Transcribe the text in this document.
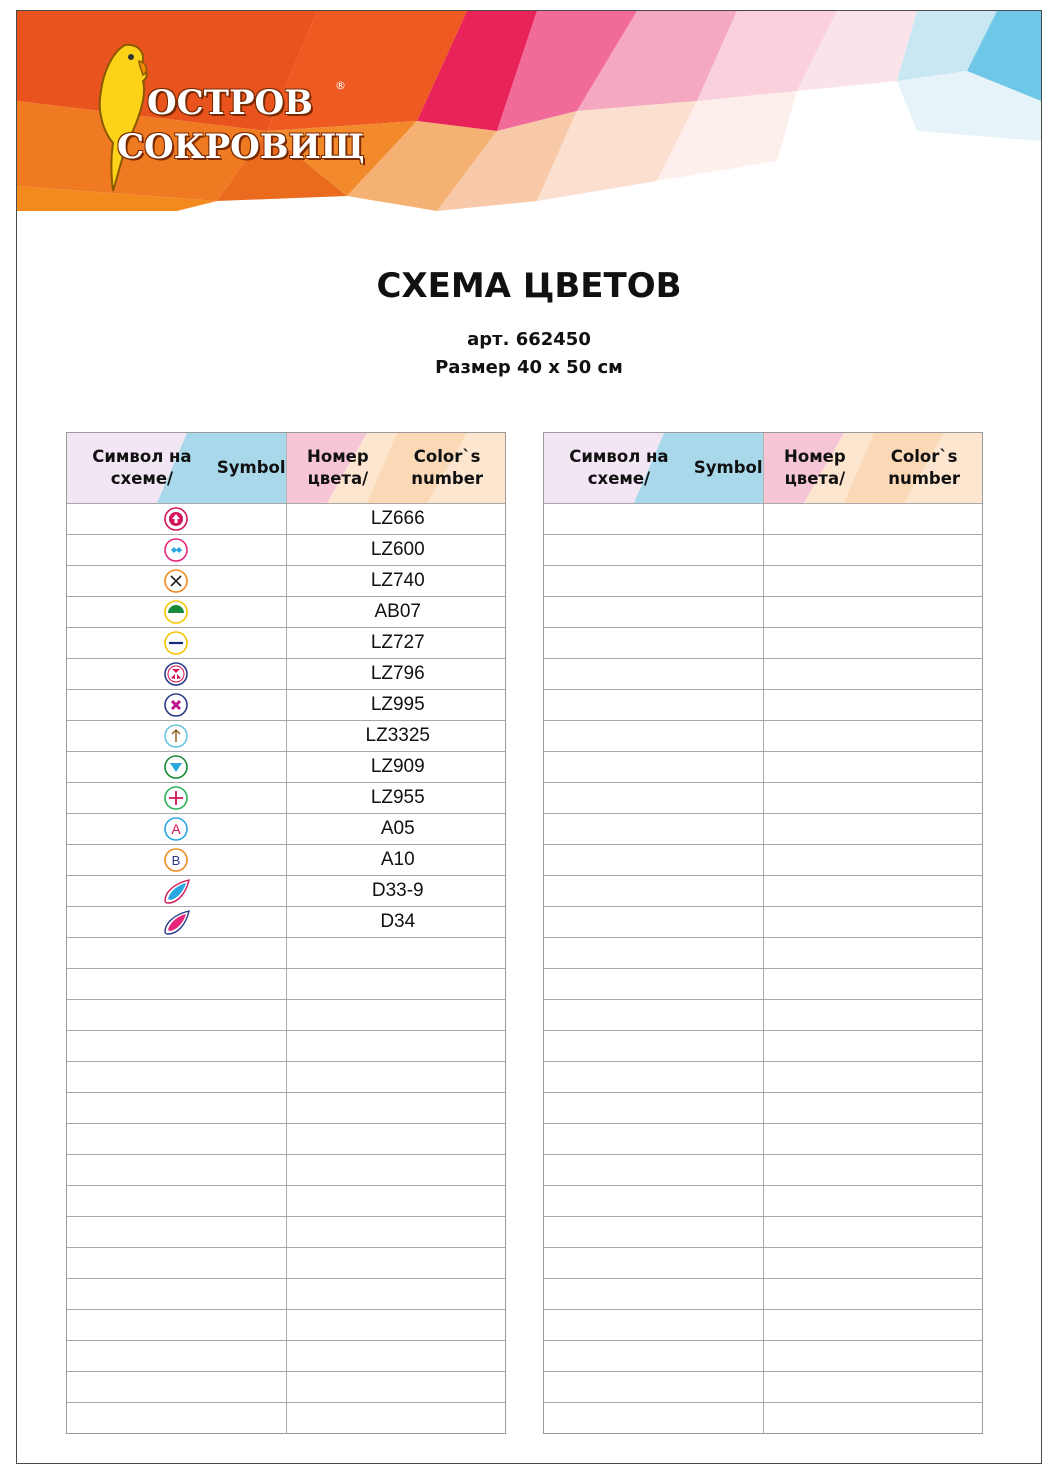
ОСТРОВ
СОКРОВИЩ
®
СХЕМА ЦВЕТОВ
арт. 662450
Размер 40 x 50 см
Символ на схеме/

Symbol
Номер цвета/

Color`s number
LZ666
LZ600
LZ740
AB07
LZ727
LZ796
LZ995
LZ3325
LZ909
LZ955
A	A05
B	A10
D33-9
D34
Символ на схеме/

Symbol
Номер цвета/

Color`s number
